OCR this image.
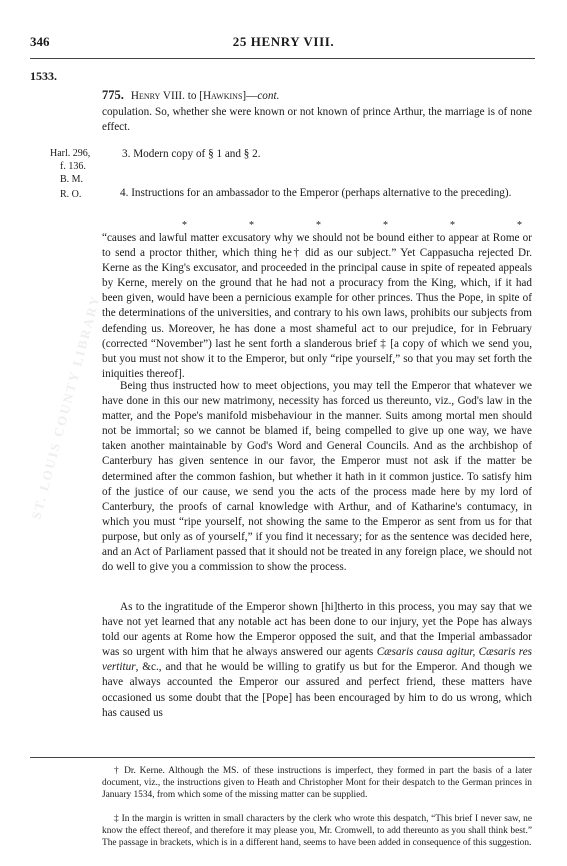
ST. LOUIS COUNTY LIBRARY
346	25 HENRY VIII.
1533.
775. Henry VIII. to [Hawkins]—cont.

copulation. So, whether she were known or not known of prince Arthur, the marriage is of none effect.

Harl. 296,
f. 136.
B. M.
R. O.

3. Modern copy of § 1 and § 2.

4. Instructions for an ambassador to the Emperor (perhaps alternative to the preceding).

*	*	*	*	*	*

“causes and lawful matter excusatory why we should not be bound either to appear at Rome or to send a proctor thither, which thing he† did as our subject.” Yet Cappasucha rejected Dr. Kerne as the King's excusator, and proceeded in the principal cause in spite of repeated appeals by Kerne, merely on the ground that he had not a procuracy from the King, which, if it had been given, would have been a pernicious example for other princes. Thus the Pope, in spite of the determinations of the universities, and contrary to his own laws, prohibits our subjects from defending us. Moreover, he has done a most shameful act to our prejudice, for in February (corrected “November”) last he sent forth a slanderous brief ‡ [a copy of which we send you, but you must not show it to the Emperor, but only “ripe yourself,” so that you may set forth the iniquities thereof].

Being thus instructed how to meet objections, you may tell the Emperor that whatever we have done in this our new matrimony, necessity has forced us thereunto, viz., God's law in the matter, and the Pope's manifold misbehaviour in the manner. Suits among mortal men should not be immortal; so we cannot be blamed if, being compelled to give up one way, we have taken another maintainable by God's Word and General Councils. And as the archbishop of Canterbury has given sentence in our favor, the Emperor must not ask if the matter be determined after the common fashion, but whether it hath in it common justice. To satisfy him of the justice of our cause, we send you the acts of the process made here by my lord of Canterbury, the proofs of carnal knowledge with Arthur, and of Katharine's contumacy, in which you must “ripe yourself, not showing the same to the Emperor as sent from us for that purpose, but only as of yourself,” if you find it necessary; for as the sentence was decided here, and an Act of Parliament passed that it should not be treated in any foreign place, we should not do well to give you a commission to show the process.

As to the ingratitude of the Emperor shown [hi]therto in this process, you may say that we have not yet learned that any notable act has been done to our injury, yet the Pope has always told our agents at Rome how the Emperor opposed the suit, and that the Imperial ambassador was so urgent with him that he always answered our agents Cæsaris causa agitur, Cæsaris res vertitur, &c., and that he would be willing to gratify us but for the Emperor. And though we have always accounted the Emperor our assured and perfect friend, these matters have occasioned us some doubt that the [Pope] has been encouraged by him to do us wrong, which has caused us

† Dr. Kerne. Although the MS. of these instructions is imperfect, they formed in part the basis of a later document, viz., the instructions given to Heath and Christopher Mont for their despatch to the German princes in January 1534, from which some of the missing matter can be supplied.

‡ In the margin is written in small characters by the clerk who wrote this despatch, “This brief I never saw, ne know the effect thereof, and therefore it may please you, Mr. Cromwell, to add thereunto as you shall think best.” The passage in brackets, which is in a different hand, seems to have been added in consequence of this suggestion.
